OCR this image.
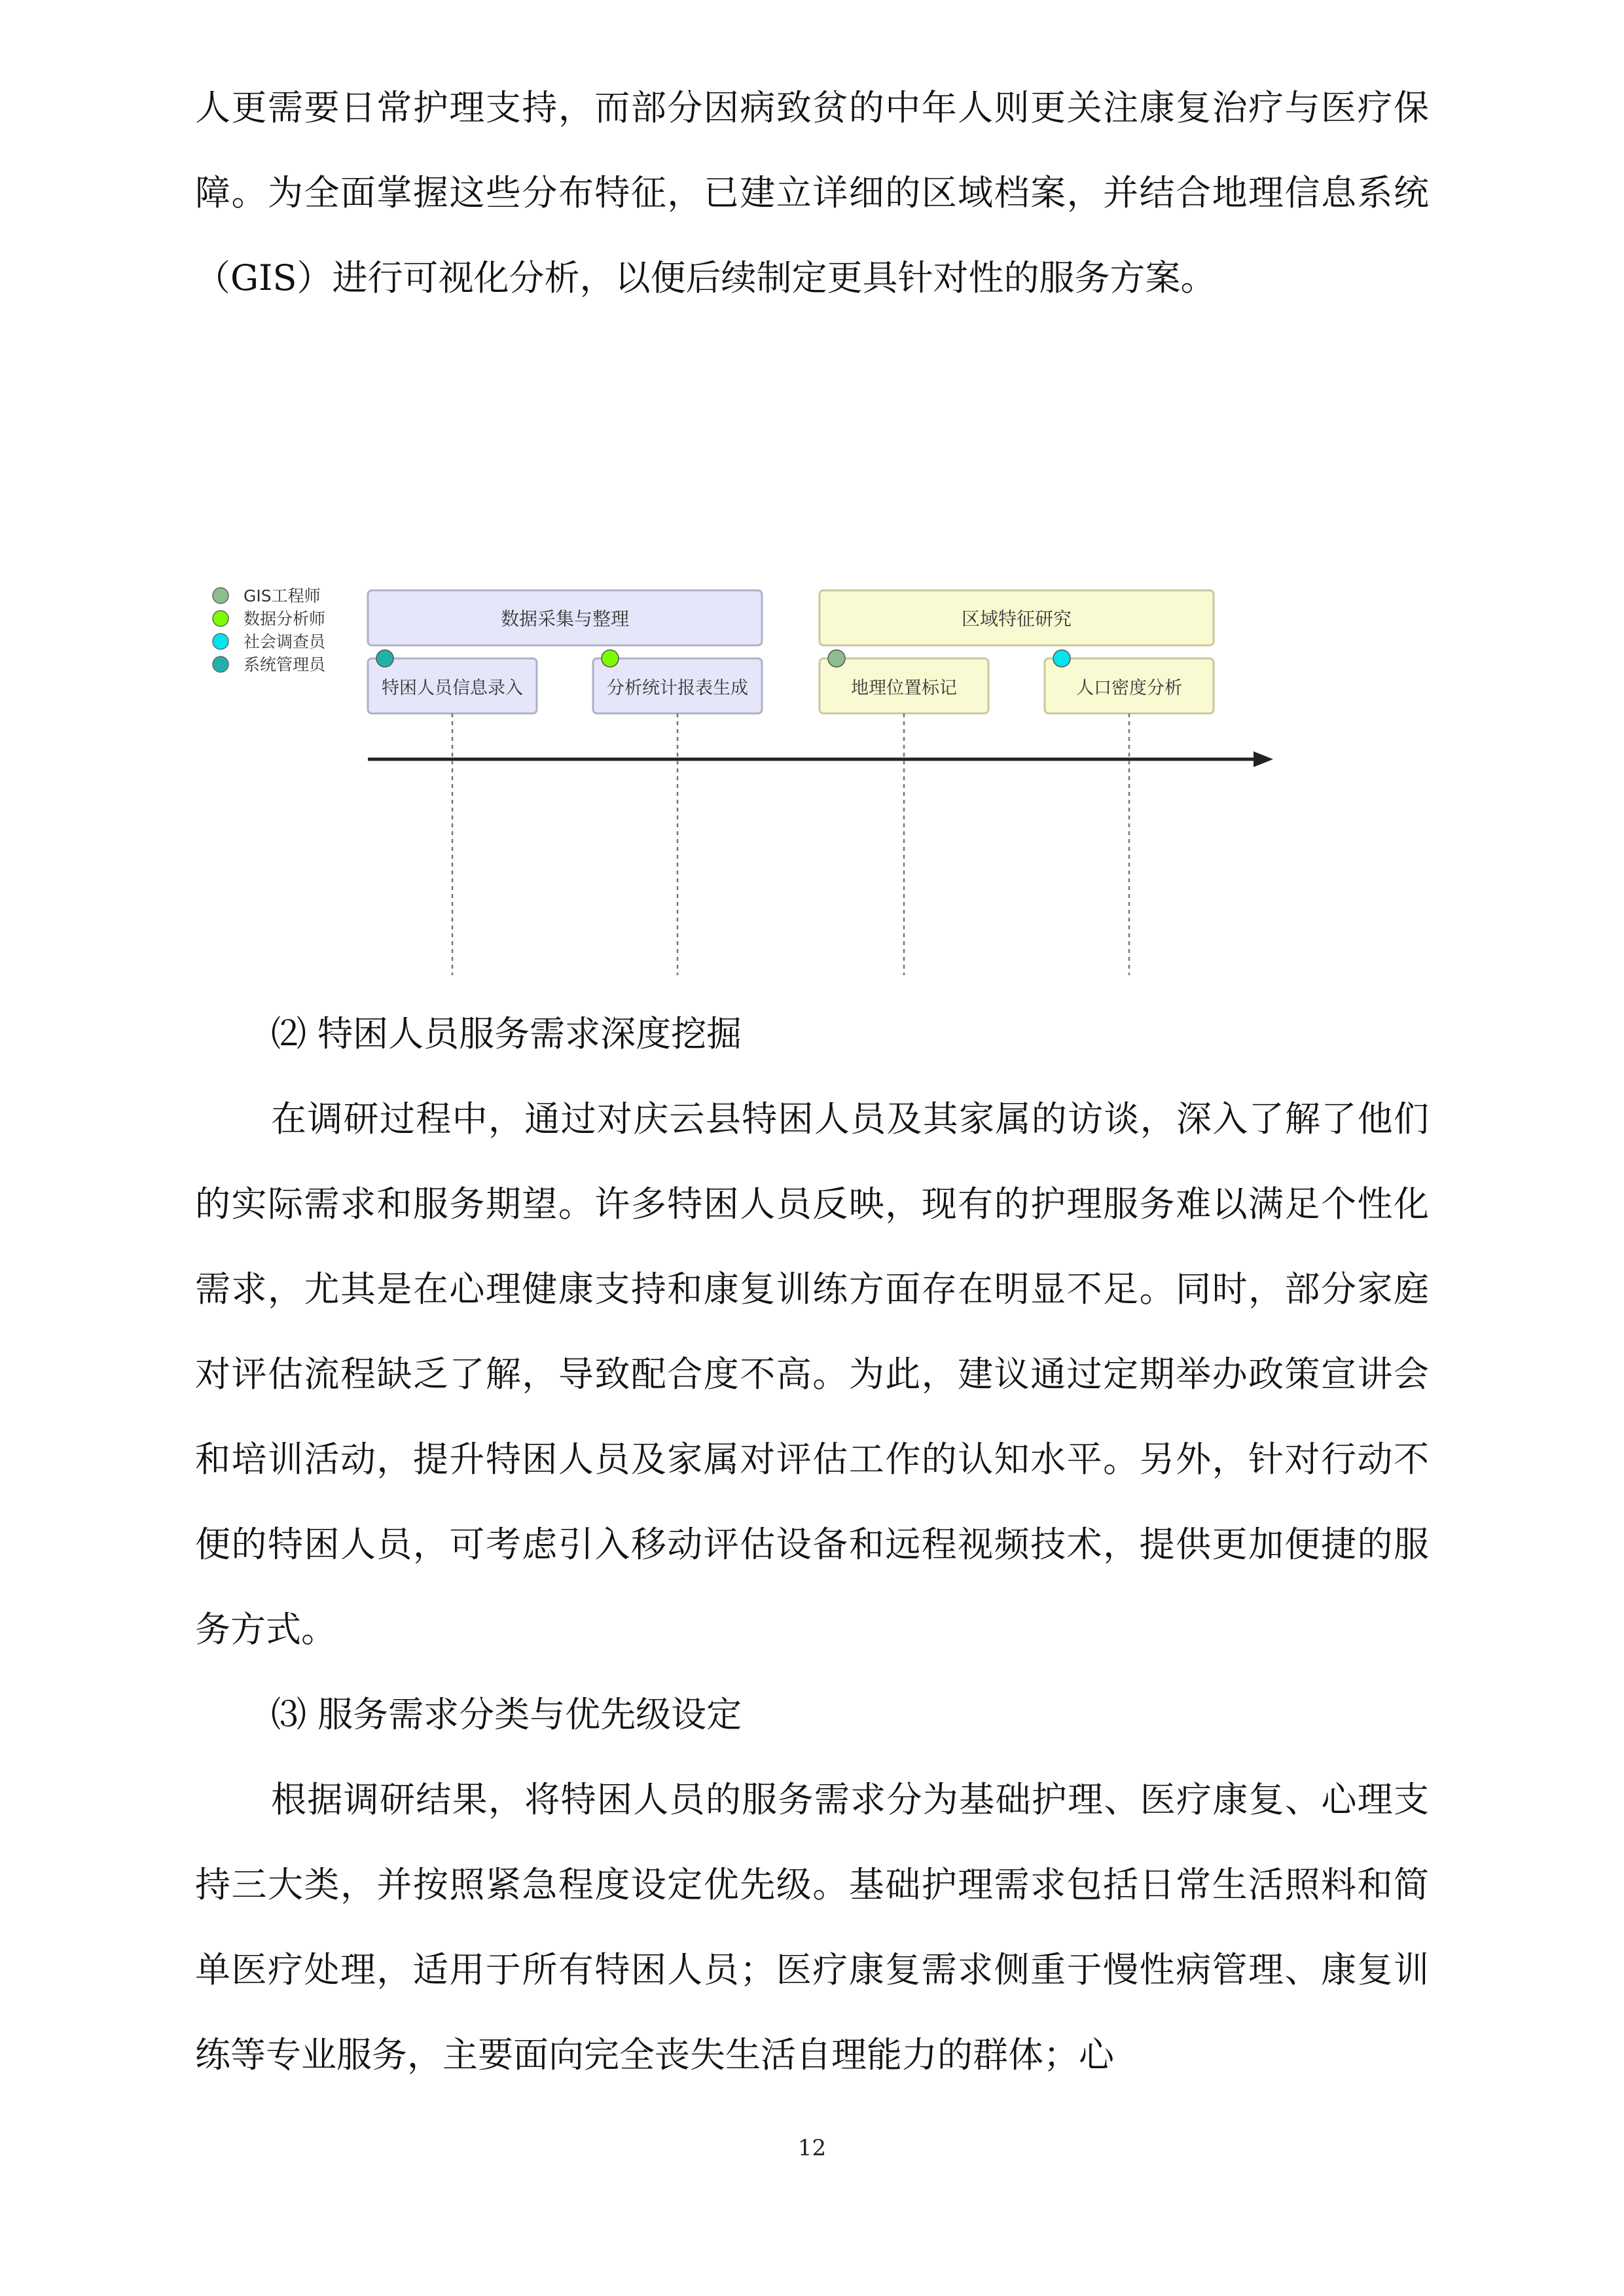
人更需要日常护理支持，而部分因病致贫的中年人则更关注康复治疗与医疗保障。为全面掌握这些分布特征，已建立详细的区域档案，并结合地理信息系统（GIS）进行可视化分析，以便后续制定更具针对性的服务方案。

GIS工程师
数据分析师
社会调查员
系统管理员
数据采集与整理	区域特征研究
特困人员信息录入	分析统计报表生成	地理位置标记	人口密度分析

⑵ 特困人员服务需求深度挖掘

在调研过程中，通过对庆云县特困人员及其家属的访谈，深入了解了他们的实际需求和服务期望。许多特困人员反映，现有的护理服务难以满足个性化需求，尤其是在心理健康支持和康复训练方面存在明显不足。同时，部分家庭对评估流程缺乏了解，导致配合度不高。为此，建议通过定期举办政策宣讲会和培训活动，提升特困人员及家属对评估工作的认知水平。另外，针对行动不便的特困人员，可考虑引入移动评估设备和远程视频技术，提供更加便捷的服务方式。

⑶ 服务需求分类与优先级设定

根据调研结果，将特困人员的服务需求分为基础护理、医疗康复、心理支持三大类，并按照紧急程度设定优先级。基础护理需求包括日常生活照料和简单医疗处理，适用于所有特困人员；医疗康复需求侧重于慢性病管理、康复训练等专业服务，主要面向完全丧失生活自理能力的群体；心

12
